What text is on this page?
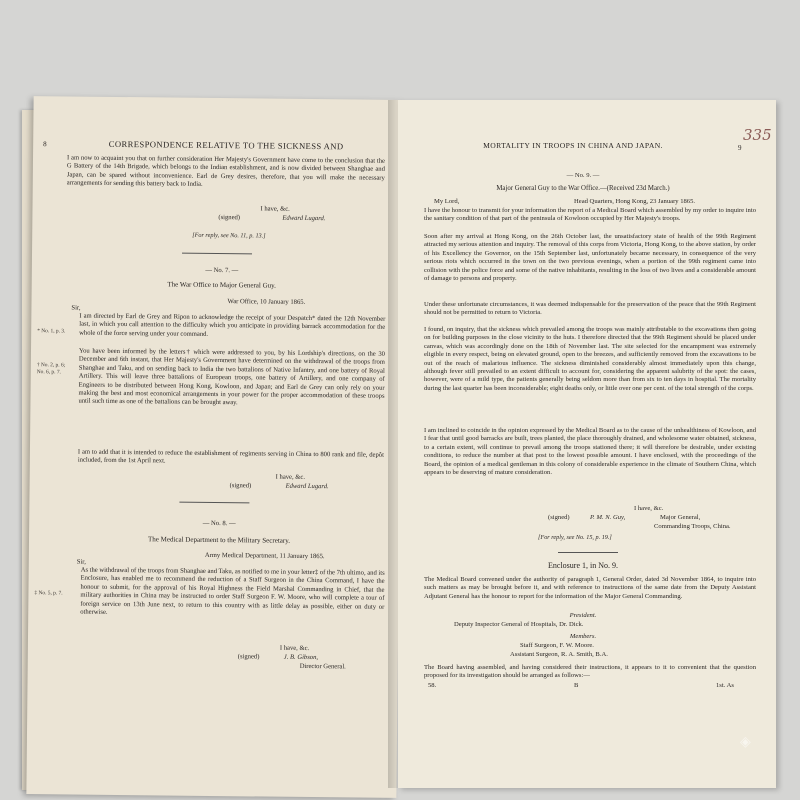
8	CORRESPONDENCE RELATIVE TO THE SICKNESS AND
I am now to acquaint you that on further consideration Her Majesty's Government have come to the conclusion that the G Battery of the 14th Brigade, which belongs to the Indian establishment, and is now divided between Shanghae and Japan, can be spared without inconvenience. Earl de Grey desires, therefore, that you will make the necessary arrangements for sending this battery back to India.
I have, &c.
(signed)	Edward Lugard.
[For reply, see No. 11, p. 13.]
— No. 7. —
The War Office to Major General Guy.
War Office, 10 January 1865.
Sir,
* No. 1, p. 3.
† No. 2, p. 6; No. 6, p. 7.
I am directed by Earl de Grey and Ripon to acknowledge the receipt of your Despatch* dated the 12th November last, in which you call attention to the difficulty which you anticipate in providing barrack accommodation for the whole of the force serving under your command.
You have been informed by the letters† which were addressed to you, by his Lordship's directions, on the 30 December and 6th instant, that Her Majesty's Government have determined on the withdrawal of the troops from Shanghae and Taku, and on sending back to India the two battalions of Native Infantry, and one battery of Royal Artillery. This will leave three battalions of European troops, one battery of Artillery, and one company of Engineers to be distributed between Hong Kong, Kowloon, and Japan; and Earl de Grey can only rely on your making the best and most economical arrangements in your power for the proper accommodation of these troops until such time as one of the battalions can be brought away.
I am to add that it is intended to reduce the establishment of regiments serving in China to 800 rank and file, depôt included, from the 1st April next.
I have, &c.
(signed)	Edward Lugard.
— No. 8. —
The Medical Department to the Military Secretary.
Army Medical Department, 11 January 1865.
Sir,
‡ No. 5, p. 7.
As the withdrawal of the troops from Shanghae and Taku, as notified to me in your letter‡ of the 7th ultimo, and its Enclosure, has enabled me to recommend the reduction of a Staff Surgeon in the China Command, I have the honour to submit, for the approval of his Royal Highness the Field Marshal Commanding in Chief, that the military authorities in China may be instructed to order Staff Surgeon F. W. Moore, who will complete a tour of foreign service on 13th June next, to return to this country with as little delay as possible, either on duty or otherwise.
I have, &c.
(signed)	J. B. Gibson,
Director General.
MORTALITY IN TROOPS IN CHINA AND JAPAN.	9
335
— No. 9. —
Major General Guy to the War Office.—(Received 23d March.)
My Lord,	Head Quarters, Hong Kong, 23 January 1865.
I have the honour to transmit for your information the report of a Medical Board which assembled by my order to inquire into the sanitary condition of that part of the peninsula of Kowloon occupied by Her Majesty's troops.
Soon after my arrival at Hong Kong, on the 26th October last, the unsatisfactory state of health of the 99th Regiment attracted my serious attention and inquiry. The removal of this corps from Victoria, Hong Kong, to the above station, by order of his Excellency the Governor, on the 15th September last, unfortunately became necessary, in consequence of the very serious riots which occurred in the town on the two previous evenings, when a portion of the 99th regiment came into collision with the police force and some of the native inhabitants, resulting in the loss of two lives and a considerable amount of damage to persons and property.
Under these unfortunate circumstances, it was deemed indispensable for the preservation of the peace that the 99th Regiment should not be permitted to return to Victoria.
I found, on inquiry, that the sickness which prevailed among the troops was mainly attributable to the excavations then going on for building purposes in the close vicinity to the huts. I therefore directed that the 99th Regiment should be placed under canvas, which was accordingly done on the 18th of November last. The site selected for the encampment was extremely eligible in every respect, being on elevated ground, open to the breezes, and sufficiently removed from the excavations to be out of the reach of malarious influence. The sickness diminished considerably almost immediately upon this change, although fever still prevailed to an extent difficult to account for, considering the apparent salubrity of the spot: the cases, however, were of a mild type, the patients generally being seldom more than from six to ten days in hospital. The mortality during the last quarter has been inconsiderable; eight deaths only, or little over one per cent. of the total strength of the corps.
I am inclined to coincide in the opinion expressed by the Medical Board as to the cause of the unhealthiness of Kowloon, and I fear that until good barracks are built, trees planted, the place thoroughly drained, and wholesome water obtained, sickness, to a certain extent, will continue to prevail among the troops stationed there; it will therefore be desirable, under existing conditions, to reduce the number at that post to the lowest possible amount. I have enclosed, with the proceedings of the Board, the opinion of a medical gentleman in this colony of considerable experience in the climate of Southern China, which appears to be deserving of mature consideration.
I have, &c.
(signed)	P. M. N. Guy,	Major General,
Commanding Troops, China.
[For reply, see No. 15, p. 19.]
Enclosure 1, in No. 9.
The Medical Board convened under the authority of paragraph 1, General Order, dated 3d November 1864, to inquire into such matters as may be brought before it, and with reference to instructions of the same date from the Deputy Assistant Adjutant General has the honour to report for the information of the Major General Commanding.
President.
Deputy Inspector General of Hospitals, Dr. Dick.
Members.
Staff Surgeon, F. W. Moore.
Assistant Surgeon, R. A. Smith, B.A.
The Board having assembled, and having considered their instructions, it appears to it to convenient that the question proposed for its investigation should be arranged as follows:—
58.	B	1st. As
◈
